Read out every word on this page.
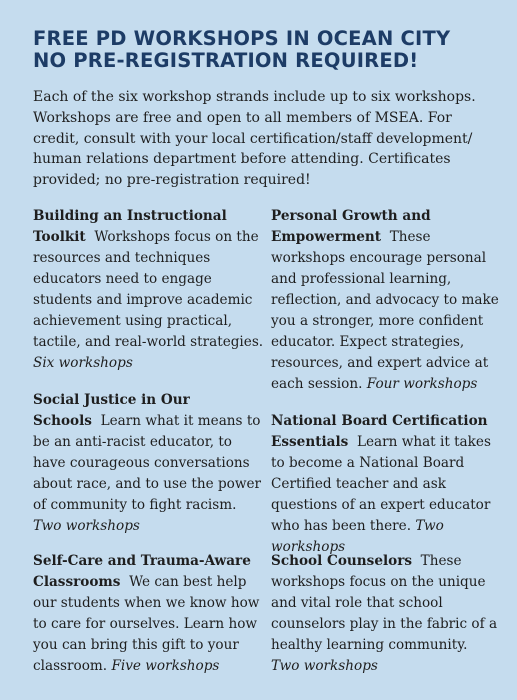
FREE PD WORKSHOPS IN OCEAN CITY
NO PRE-REGISTRATION REQUIRED!

Each of the six workshop strands include up to six workshops. Workshops are free and open to all members of MSEA. For credit, consult with your local certification/staff development/ human relations department before attending. Certificates provided; no pre-registration required!

Building an Instructional Toolkit Workshops focus on the resources and techniques educators need to engage students and improve academic achievement using practical, tactile, and real-world strategies.
Six workshops
Social Justice in Our Schools Learn what it means to be an anti-racist educator, to have courageous conversations about race, and to use the power of community to fight racism.
Two workshops
Self-Care and Trauma-Aware Classrooms We can best help our students when we know how to care for ourselves. Learn how you can bring this gift to your classroom. Five workshops
Personal Growth and Empowerment These workshops encourage personal and professional learning, reflection, and advocacy to make you a stronger, more confident educator. Expect strategies, resources, and expert advice at each session. Four workshops
National Board Certification Essentials Learn what it takes to become a National Board Certified teacher and ask questions of an expert educator who has been there. Two workshops
School Counselors These workshops focus on the unique and vital role that school counselors play in the fabric of a healthy learning community.
Two workshops
